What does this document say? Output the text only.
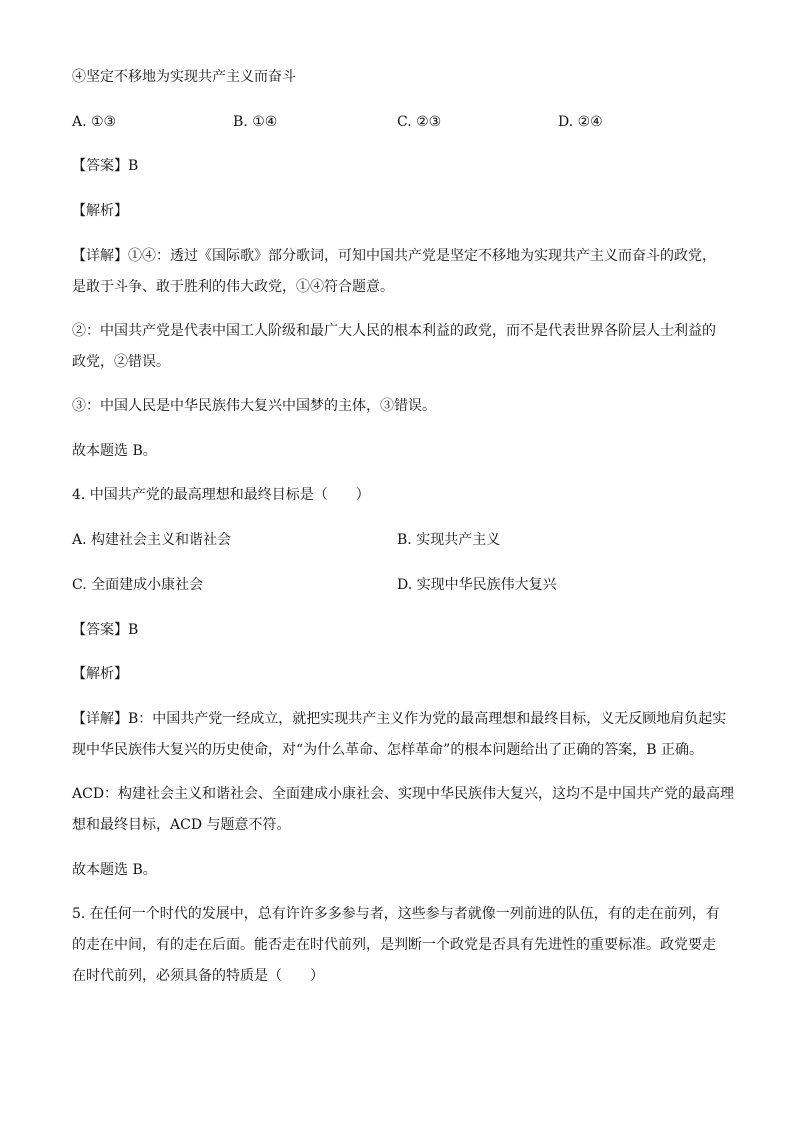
④坚定不移地为实现共产主义而奋斗
A. ①③	B. ①④	C. ②③	D. ②④
【答案】B
【解析】
【详解】①④：透过《国际歌》部分歌词，可知中国共产党是坚定不移地为实现共产主义而奋斗的政党，
是敢于斗争、敢于胜利的伟大政党，①④符合题意。
②：中国共产党是代表中国工人阶级和最广大人民的根本利益的政党，而不是代表世界各阶层人士利益的
政党，②错误。
③：中国人民是中华民族伟大复兴中国梦的主体，③错误。
故本题选 B。
4. 中国共产党的最高理想和最终目标是（　　）
A. 构建社会主义和谐社会	B. 实现共产主义
C. 全面建成小康社会	D. 实现中华民族伟大复兴
【答案】B
【解析】
【详解】B：中国共产党一经成立，就把实现共产主义作为党的最高理想和最终目标，义无反顾地肩负起实
现中华民族伟大复兴的历史使命，对“为什么革命、怎样革命”的根本问题给出了正确的答案，B 正确。
ACD：构建社会主义和谐社会、全面建成小康社会、实现中华民族伟大复兴，这均不是中国共产党的最高理
想和最终目标，ACD 与题意不符。
故本题选 B。
5. 在任何一个时代的发展中，总有许许多多参与者，这些参与者就像一列前进的队伍，有的走在前列，有
的走在中间，有的走在后面。能否走在时代前列，是判断一个政党是否具有先进性的重要标准。政党要走
在时代前列，必须具备的特质是（　　）
